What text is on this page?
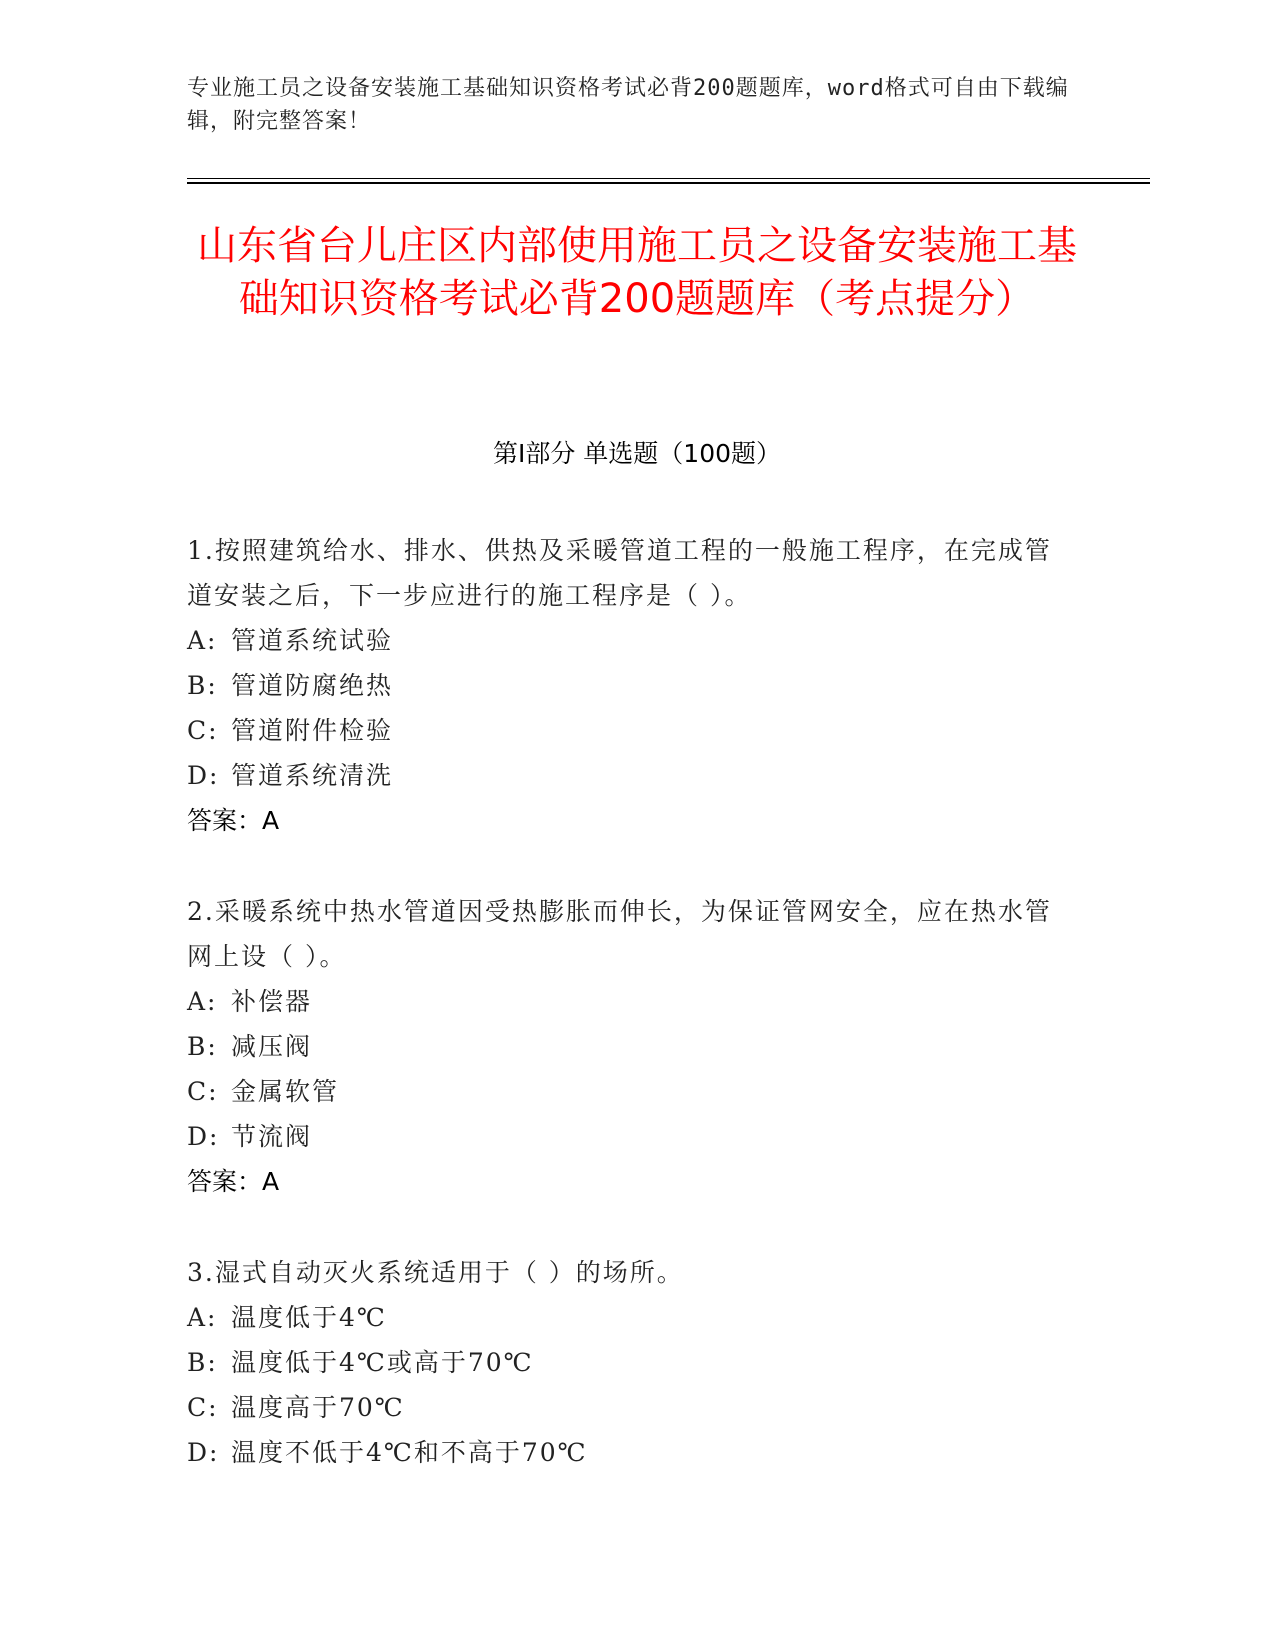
专业施工员之设备安装施工基础知识资格考试必背200题题库，word格式可自由下载编辑，附完整答案！
山东省台儿庄区内部使用施工员之设备安装施工基础知识资格考试必背200题题库（考点提分）
第Ⅰ部分 单选题（100题）
1.按照建筑给水、排水、供热及采暖管道工程的一般施工程序，在完成管道安装之后，下一步应进行的施工程序是（ ）。
A: 管道系统试验
B: 管道防腐绝热
C: 管道附件检验
D: 管道系统清洗
答案：A
2.采暖系统中热水管道因受热膨胀而伸长，为保证管网安全，应在热水管网上设（ ）。
A: 补偿器
B: 减压阀
C: 金属软管
D: 节流阀
答案：A
3.湿式自动灭火系统适用于（ ）的场所。
A: 温度低于4℃
B: 温度低于4℃或高于70℃
C: 温度高于70℃
D: 温度不低于4℃和不高于70℃
